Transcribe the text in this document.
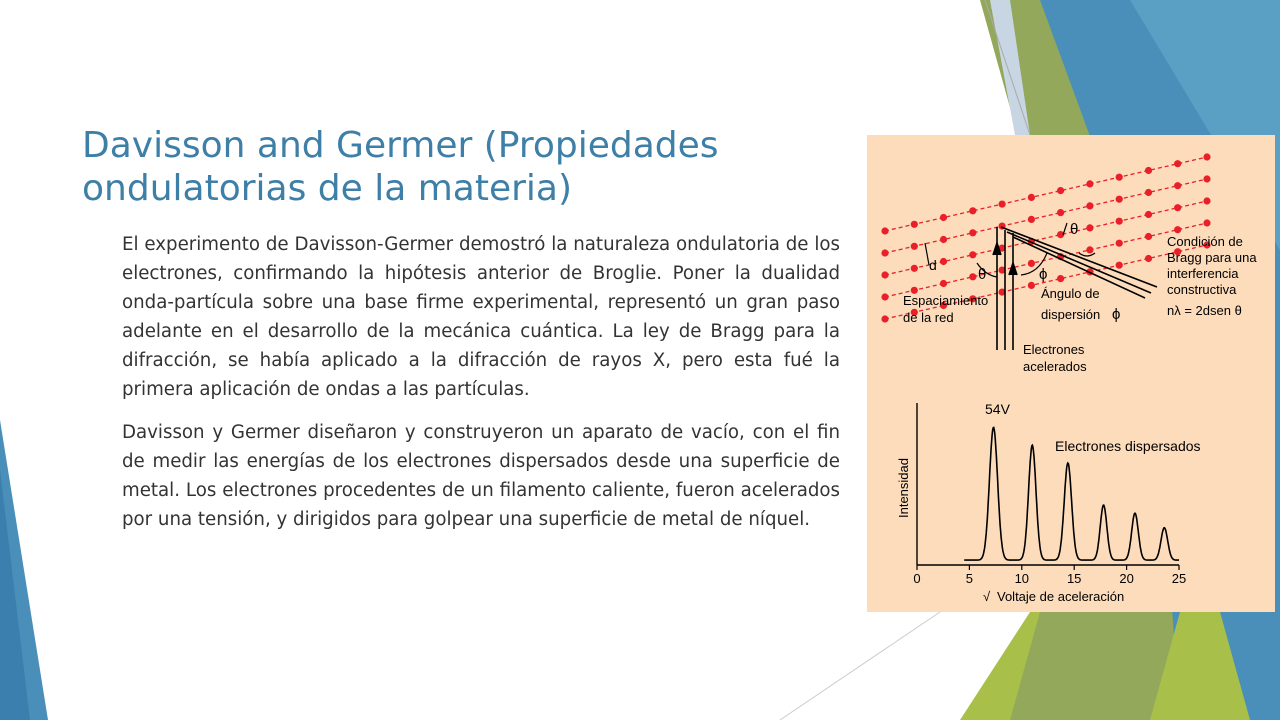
Davisson and Germer (Propiedades ondulatorias de la materia)

El experimento de Davisson-Germer demostró la naturaleza ondulatoria de los electrones, confirmando la hipótesis anterior de Broglie. Poner la dualidad onda-partícula sobre una base firme experimental, representó un gran paso adelante en el desarrollo de la mecánica cuántica. La ley de Bragg para la difracción, se había aplicado a la difracción de rayos X, pero esta fué la primera aplicación de ondas a las partículas.

Davisson y Germer diseñaron y construyeron un aparato de vacío, con el fin de medir las energías de los electrones dispersados desde una superficie de metal. Los electrones procedentes de un filamento caliente, fueron acelerados por una tensión, y dirigidos para golpear una superficie de metal de níquel.

d
θ
θ
ϕ
Espaciamiento
de la red
Ángulo de
dispersión ϕ
Electrones
acelerados
Condición de
Bragg para una
interferencia
constructiva
nλ = 2dsen θ
Intensidad
54V
Electrones dispersados
0	5	10	15	20	25
√ Voltaje de aceleración
